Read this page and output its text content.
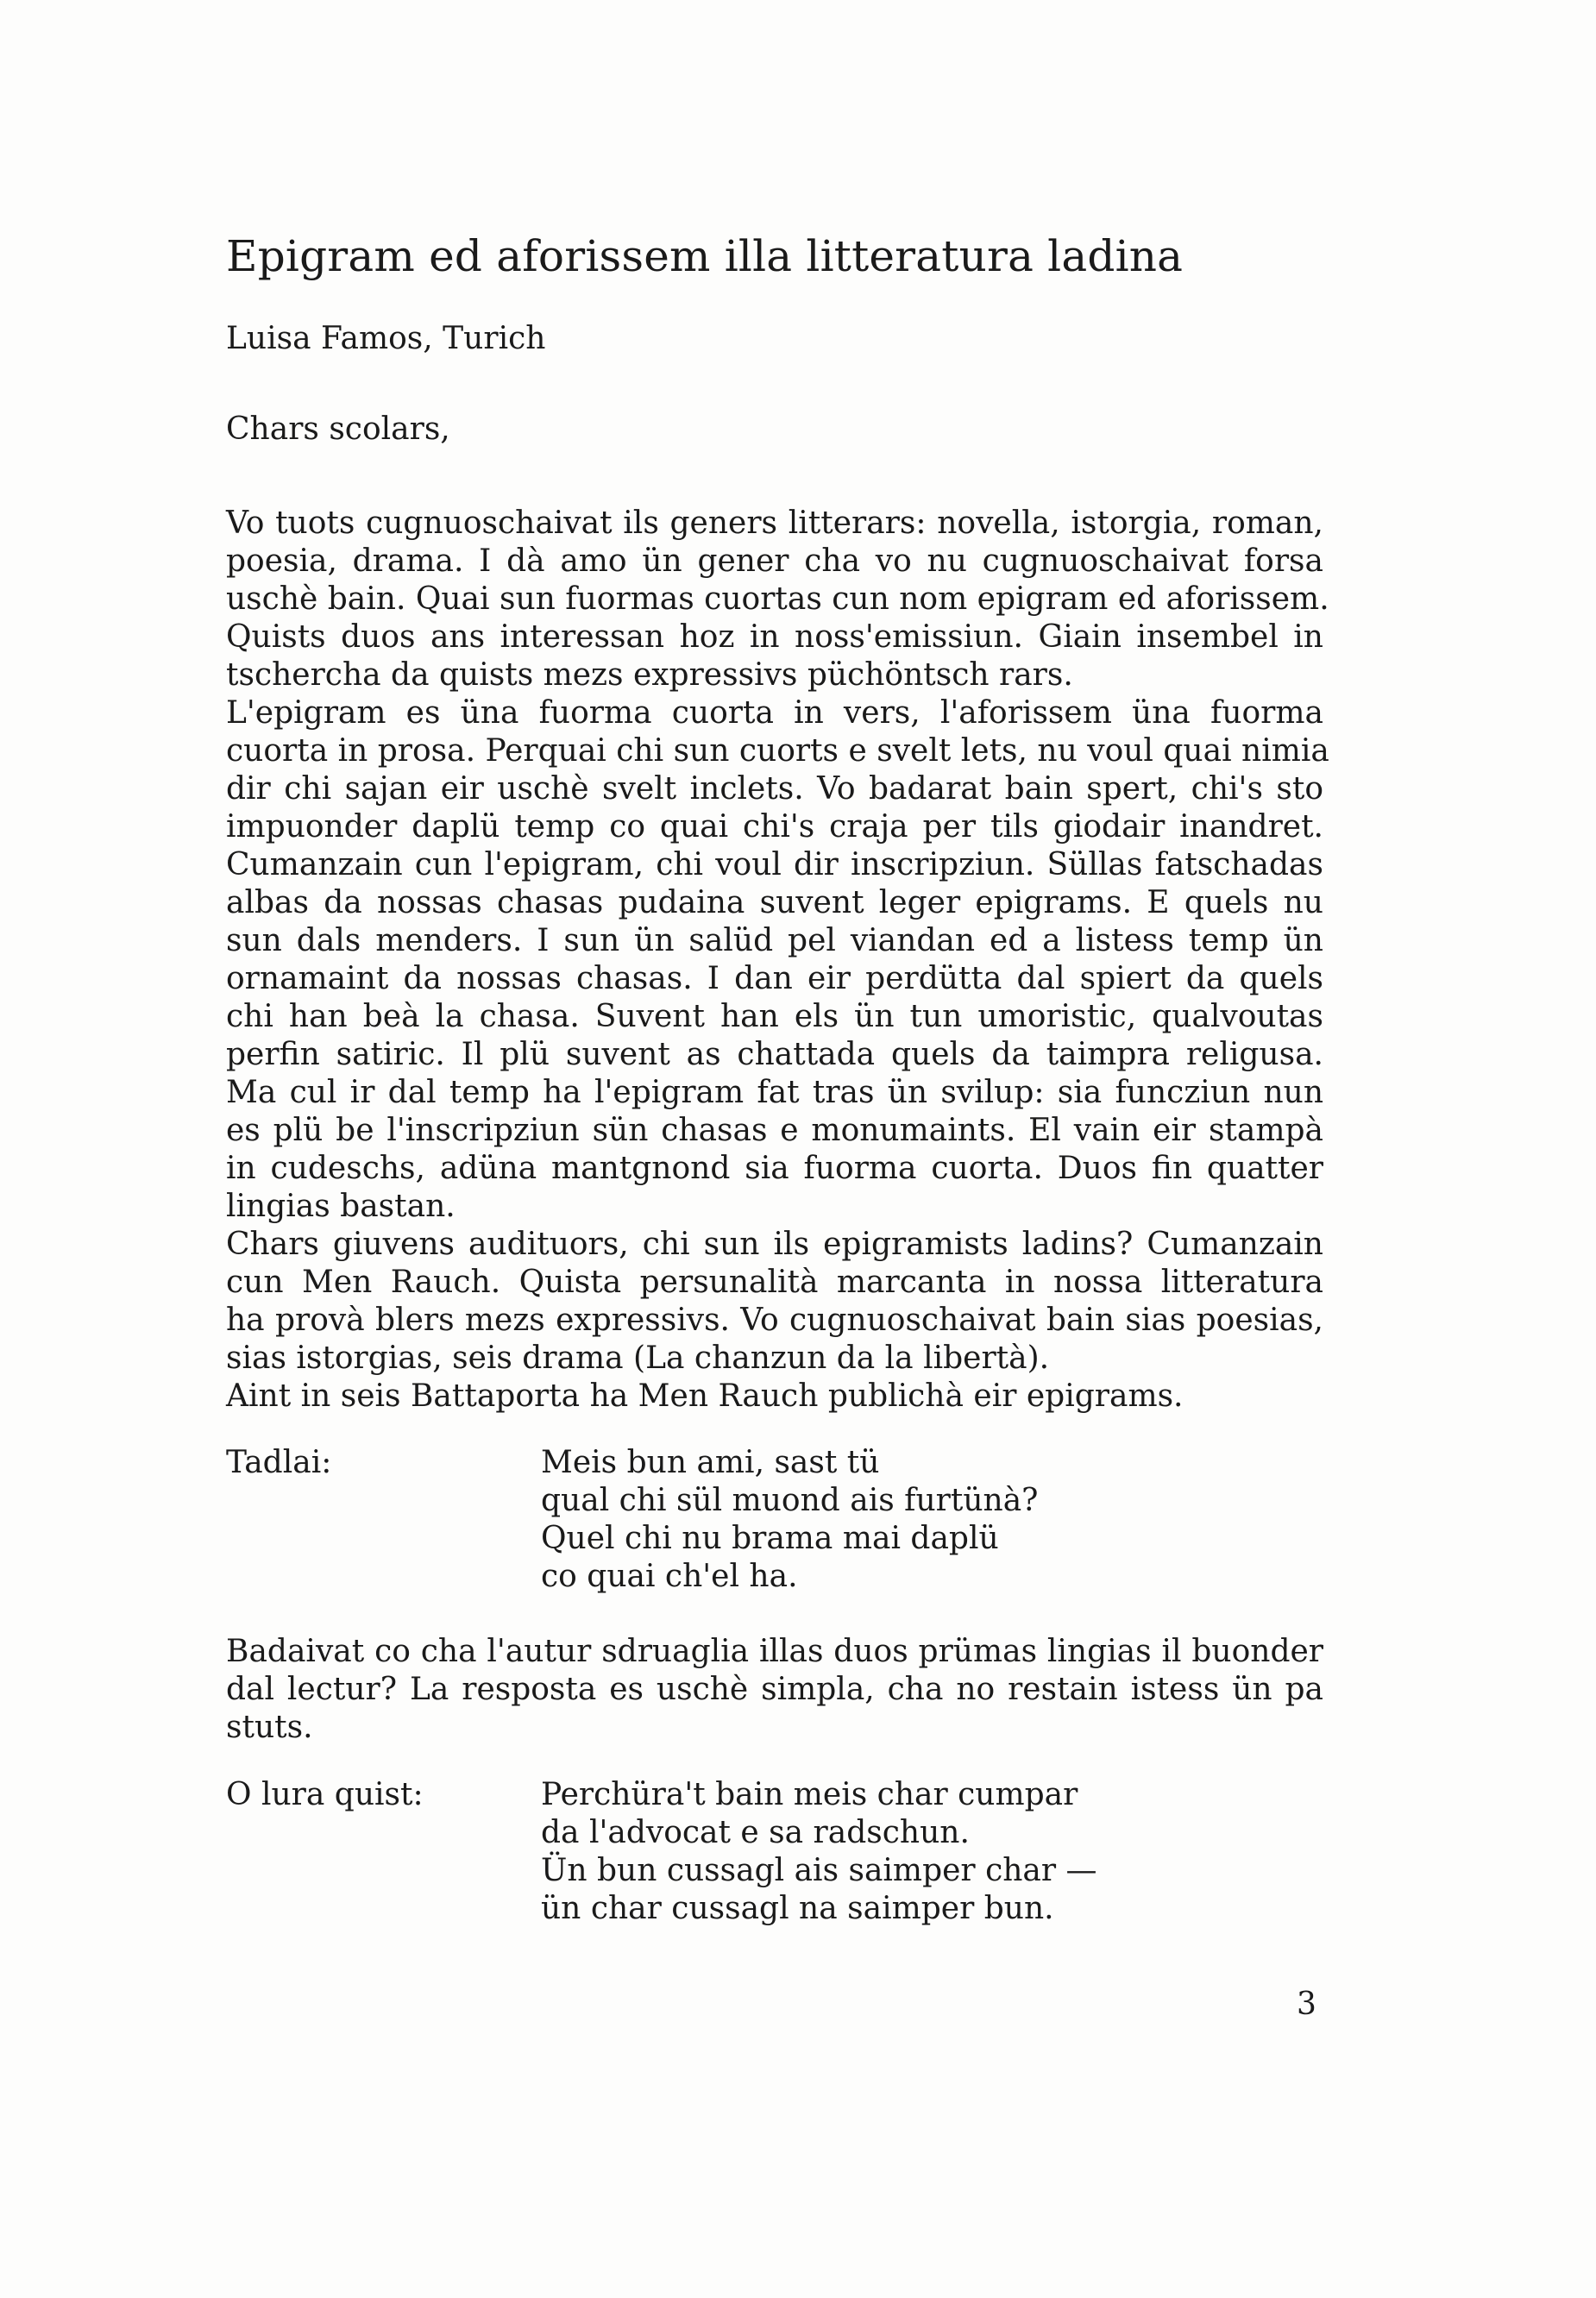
Epigram ed aforissem illa litteratura ladina
Luisa Famos, Turich
Chars scolars,
Vo tuots cugnuoschaivat ils geners litterars: novella, istorgia, roman,
poesia, drama. I dà amo ün gener cha vo nu cugnuoschaivat forsa
uschè bain. Quai sun fuormas cuortas cun nom epigram ed aforissem.
Quists duos ans interessan hoz in noss'emissiun. Giain insembel in
tschercha da quists mezs expressivs püchöntsch rars.
L'epigram es üna fuorma cuorta in vers, l'aforissem üna fuorma
cuorta in prosa. Perquai chi sun cuorts e svelt lets, nu voul quai nimia
dir chi sajan eir uschè svelt inclets. Vo badarat bain spert, chi's sto
impuonder daplü temp co quai chi's craja per tils giodair inandret.
Cumanzain cun l'epigram, chi voul dir inscripziun. Süllas fatschadas
albas da nossas chasas pudaina suvent leger epigrams. E quels nu
sun dals menders. I sun ün salüd pel viandan ed a listess temp ün
ornamaint da nossas chasas. I dan eir perdütta dal spiert da quels
chi han beà la chasa. Suvent han els ün tun umoristic, qualvoutas
perfin satiric. Il plü suvent as chattada quels da taimpra religusa.
Ma cul ir dal temp ha l'epigram fat tras ün svilup: sia funcziun nun
es plü be l'inscripziun sün chasas e monumaints. El vain eir stampà
in cudeschs, adüna mantgnond sia fuorma cuorta. Duos fin quatter
lingias bastan.
Chars giuvens audituors, chi sun ils epigramists ladins? Cumanzain
cun Men Rauch. Quista persunalità marcanta in nossa litteratura
ha provà blers mezs expressivs. Vo cugnuoschaivat bain sias poesias,
sias istorgias, seis drama (La chanzun da la libertà).
Aint in seis Battaporta ha Men Rauch publichà eir epigrams.
Tadlai:	Meis bun ami, sast tü
qual chi sül muond ais furtünà?
Quel chi nu brama mai daplü
co quai ch'el ha.
Badaivat co cha l'autur sdruaglia illas duos prümas lingias il buonder
dal lectur? La resposta es uschè simpla, cha no restain istess ün pa
stuts.
O lura quist:	Perchüra't bain meis char cumpar
da l'advocat e sa radschun.
Ün bun cussagl ais saimper char —
ün char cussagl na saimper bun.
3
